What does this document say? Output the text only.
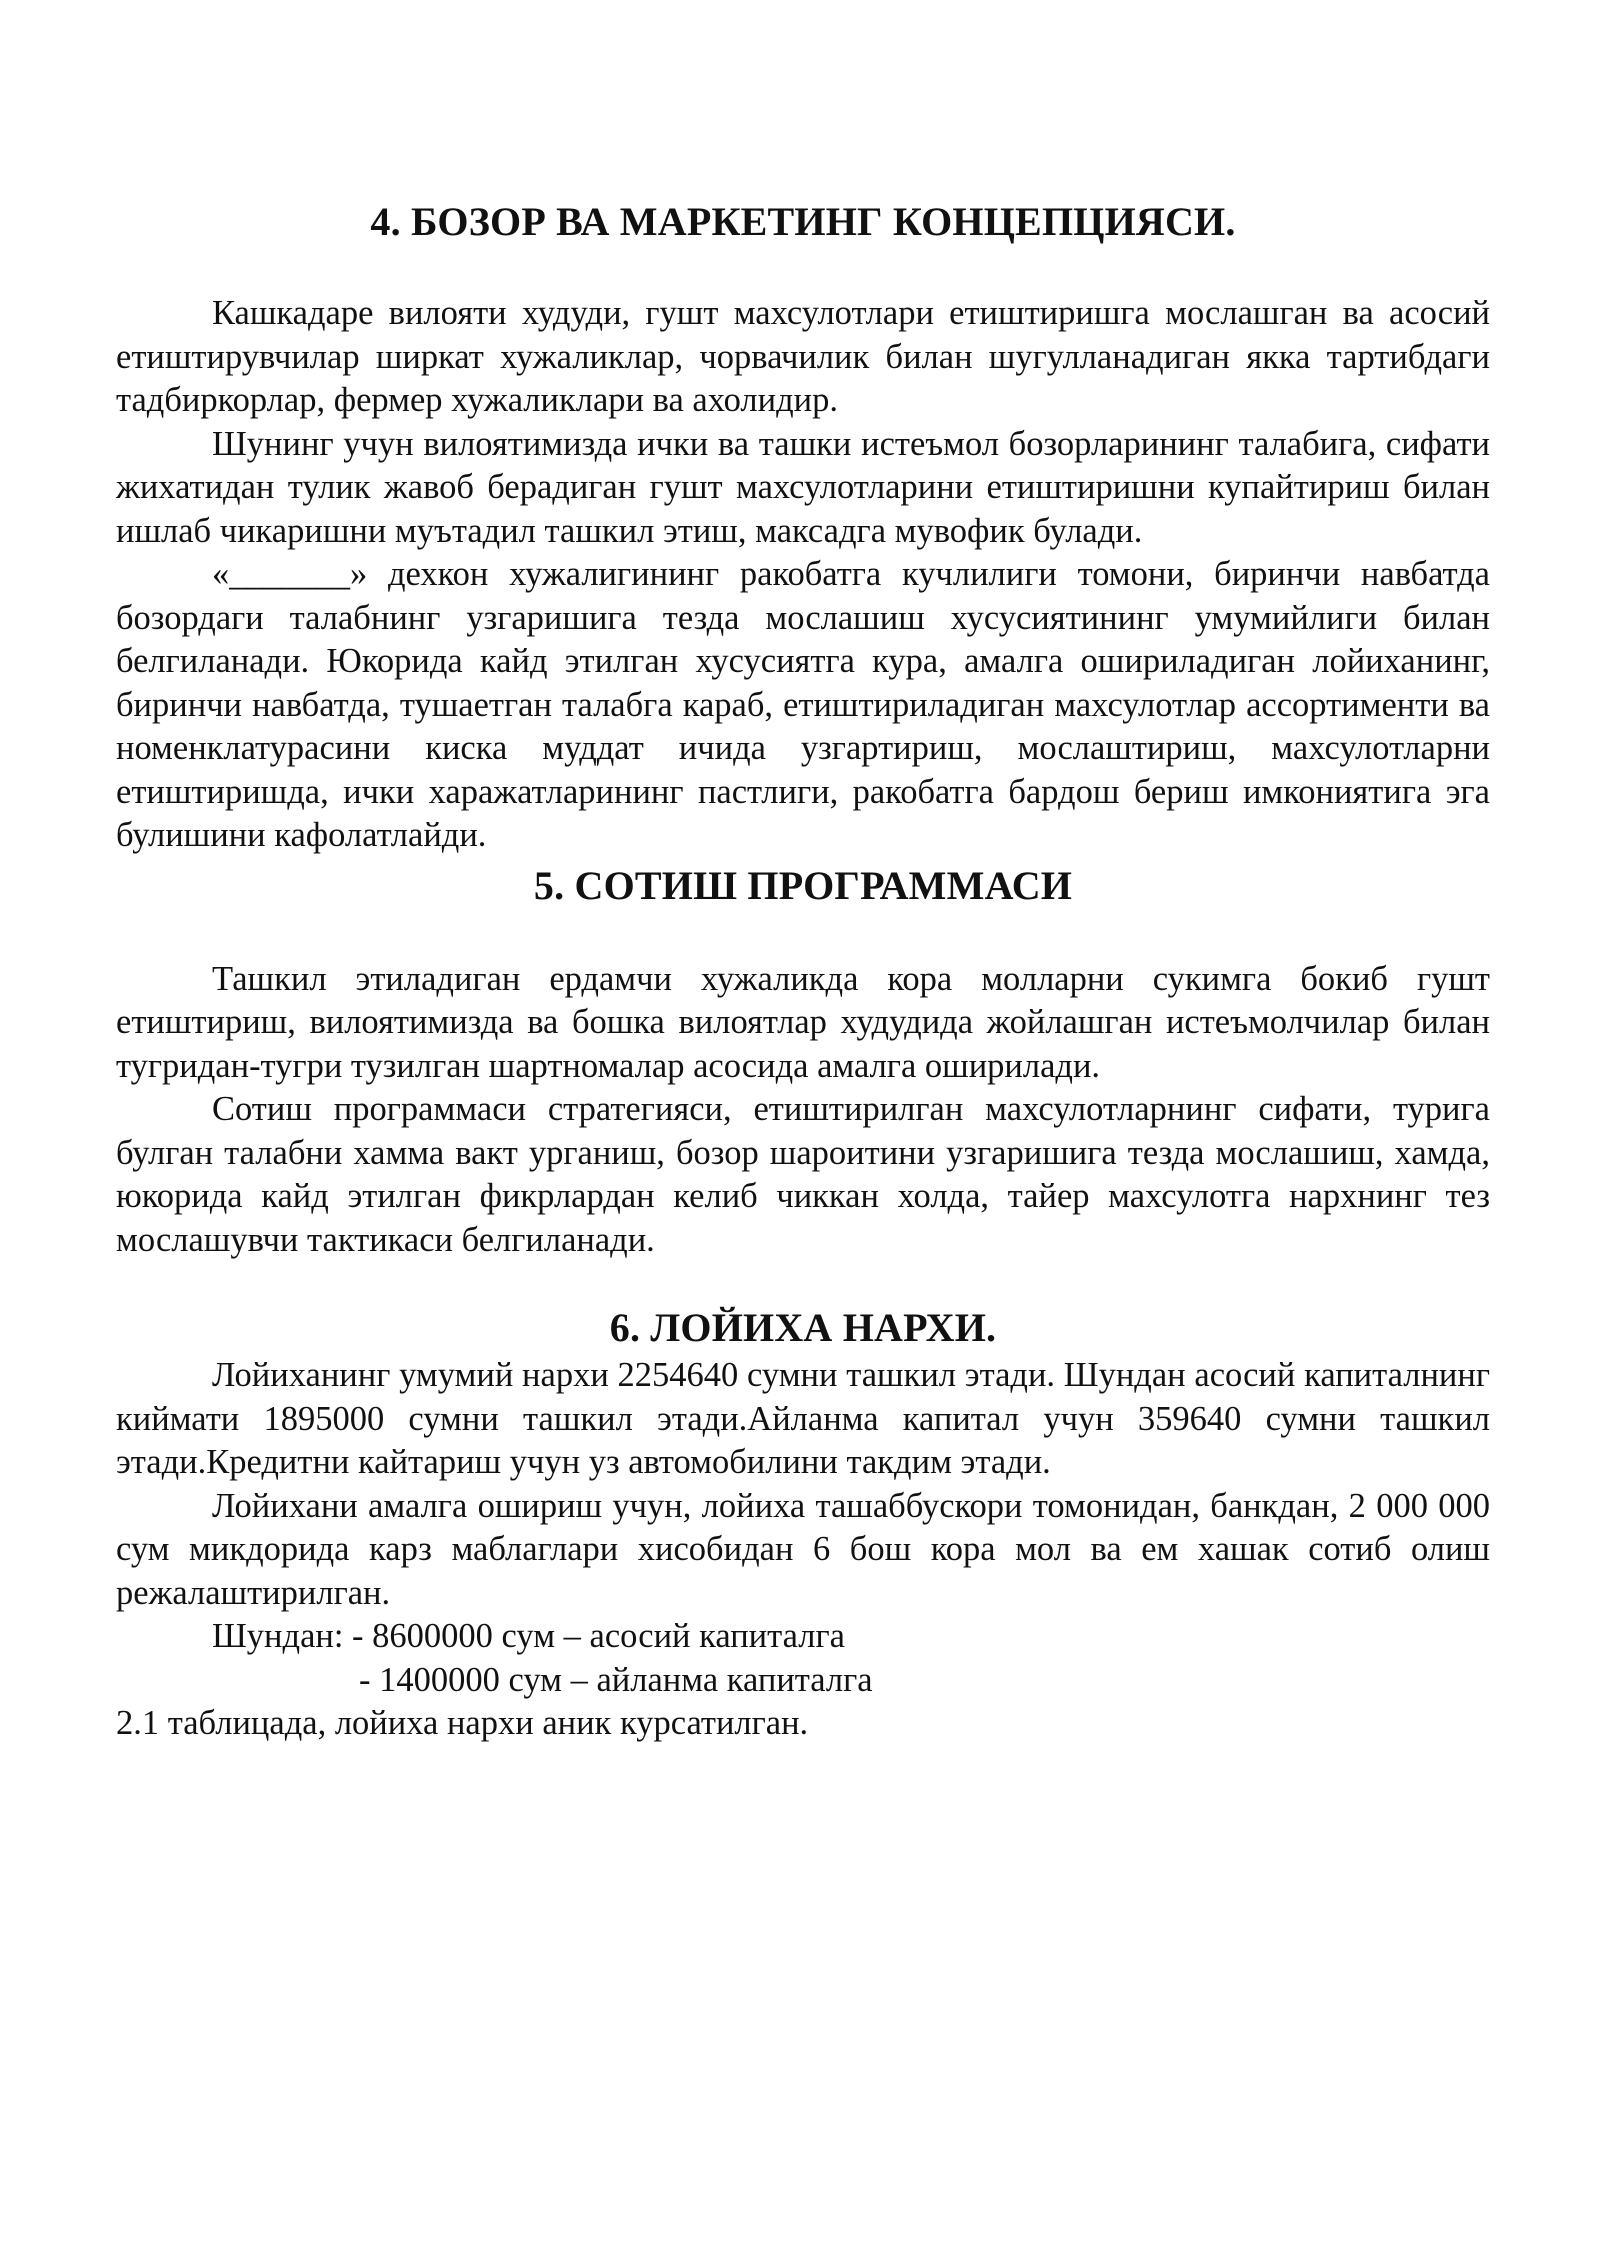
4. БОЗОР ВА МАРКЕТИНГ КОНЦЕПЦИЯСИ.

Кашкадаре вилояти худуди, гушт махсулотлари етиштиришга мослашган ва асосий етиштирувчилар ширкат хужаликлар, чорвачилик билан шугулланадиган якка тартибдаги тадбиркорлар, фермер хужаликлари ва ахолидир.

Шунинг учун вилоятимизда ички ва ташки истеъмол бозорларининг талабига, сифати жихатидан тулик жавоб берадиган гушт махсулотларини етиштиришни купайтириш билан ишлаб чикаришни муътадил ташкил этиш, максадга мувофик булади.

«_______» дехкон хужалигининг ракобатга кучлилиги томони, биринчи навбатда бозордаги талабнинг узгаришига тезда мослашиш хусусиятининг умумийлиги билан белгиланади. Юкорида кайд этилган хусусиятга кура, амалга ошириладиган лойиханинг, биринчи навбатда, тушаетган талабга караб, етиштириладиган махсулотлар ассортименти ва номенклатурасини киска муддат ичида узгартириш, мослаштириш, махсулотларни етиштиришда, ички харажатларининг пастлиги, ракобатга бардош бериш имкониятига эга булишини кафолатлайди.

5. СОТИШ ПРОГРАММАСИ

Ташкил этиладиган ердамчи хужаликда кора молларни сукимга бокиб гушт етиштириш, вилоятимизда ва бошка вилоятлар худудида жойлашган истеъмолчилар билан тугридан-тугри тузилган шартномалар асосида амалга оширилади.

Сотиш программаси стратегияси, етиштирилган махсулотларнинг сифати, турига булган талабни хамма вакт урганиш, бозор шароитини узгаришига тезда мослашиш, хамда, юкорида кайд этилган фикрлардан келиб чиккан холда, тайер махсулотга нархнинг тез мослашувчи тактикаси белгиланади.

6. ЛОЙИХА НАРХИ.

Лойиханинг умумий нархи 2254640 сумни ташкил этади. Шундан асосий капиталнинг киймати 1895000 сумни ташкил этади.Айланма капитал учун 359640 сумни ташкил этади.Кредитни кайтариш учун уз автомобилини такдим этади.

Лойихани амалга ошириш учун, лойиха ташаббускори томонидан, банкдан, 2 000 000 сум микдорида карз маблаглари хисобидан 6 бош кора мол ва ем хашак сотиб олиш режалаштирилган.

Шундан: - 8600000 сум – асосий капиталга

- 1400000 сум – айланма капиталга

2.1 таблицада, лойиха нархи аник курсатилган.
